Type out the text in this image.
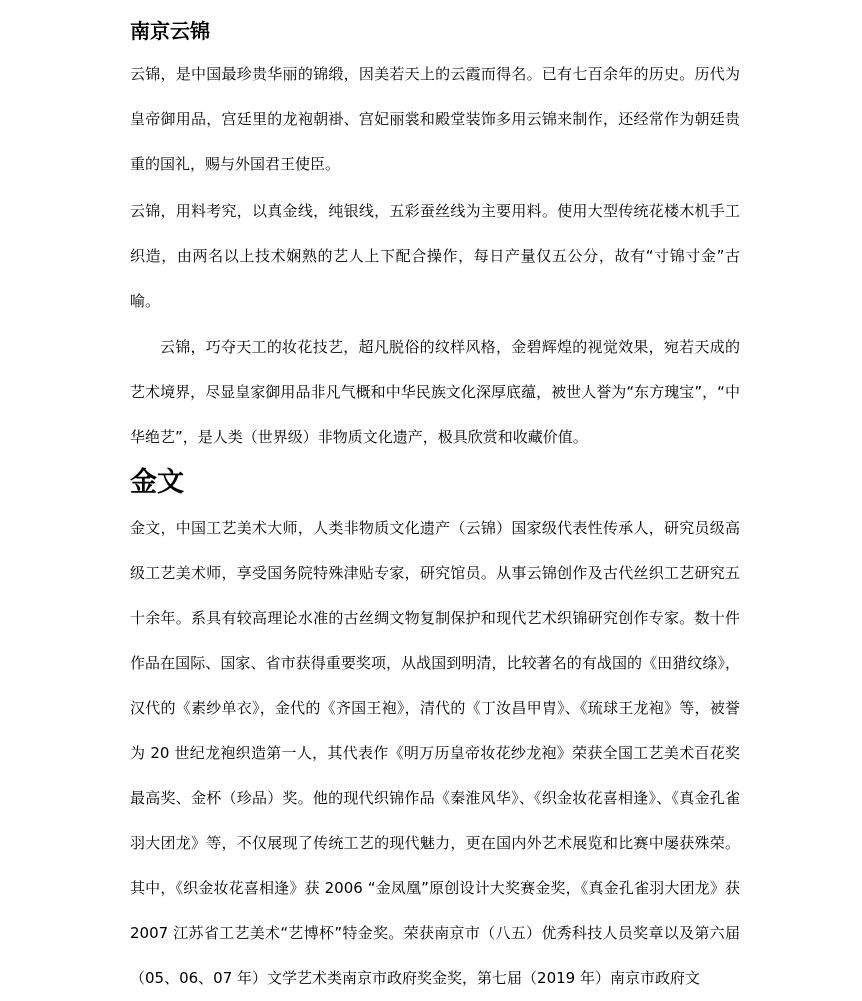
南京云锦

云锦，是中国最珍贵华丽的锦缎，因美若天上的云霞而得名。已有七百余年的历史。历代为皇帝御用品，宫廷里的龙袍朝褂、宫妃丽裳和殿堂装饰多用云锦来制作，还经常作为朝廷贵重的国礼，赐与外国君王使臣。

云锦，用料考究，以真金线，纯银线，五彩蚕丝线为主要用料。使用大型传统花楼木机手工织造，由两名以上技术娴熟的艺人上下配合操作，每日产量仅五公分，故有“寸锦寸金”古喻。

云锦，巧夺天工的妆花技艺，超凡脱俗的纹样风格，金碧辉煌的视觉效果，宛若天成的艺术境界，尽显皇家御用品非凡气概和中华民族文化深厚底蕴，被世人誉为“东方瑰宝”，“中华绝艺”，是人类（世界级）非物质文化遗产，极具欣赏和收藏价值。

金文

金文，中国工艺美术大师，人类非物质文化遗产（云锦）国家级代表性传承人，研究员级高级工艺美术师，享受国务院特殊津贴专家，研究馆员。从事云锦创作及古代丝织工艺研究五十余年。系具有较高理论水准的古丝绸文物复制保护和现代艺术织锦研究创作专家。数十件作品在国际、国家、省市获得重要奖项，从战国到明清，比较著名的有战国的《田猎纹绦》，汉代的《素纱单衣》，金代的《齐国王袍》，清代的《丁汝昌甲胄》、《琉球王龙袍》等，被誉为 20 世纪龙袍织造第一人，其代表作《明万历皇帝妆花纱龙袍》荣获全国工艺美术百花奖最高奖、金杯（珍品）奖。他的现代织锦作品《秦淮风华》、《织金妆花喜相逢》、《真金孔雀羽大团龙》等，不仅展现了传统工艺的现代魅力，更在国内外艺术展览和比赛中屡获殊荣。其中，《织金妆花喜相逢》获 2006 “金凤凰”原创设计大奖赛金奖，《真金孔雀羽大团龙》获 2007 江苏省工艺美术“艺博杯”特金奖。荣获南京市（八五）优秀科技人员奖章以及第六届（05、06、07 年）文学艺术类南京市政府奖金奖，第七届（2019 年）南京市政府文
